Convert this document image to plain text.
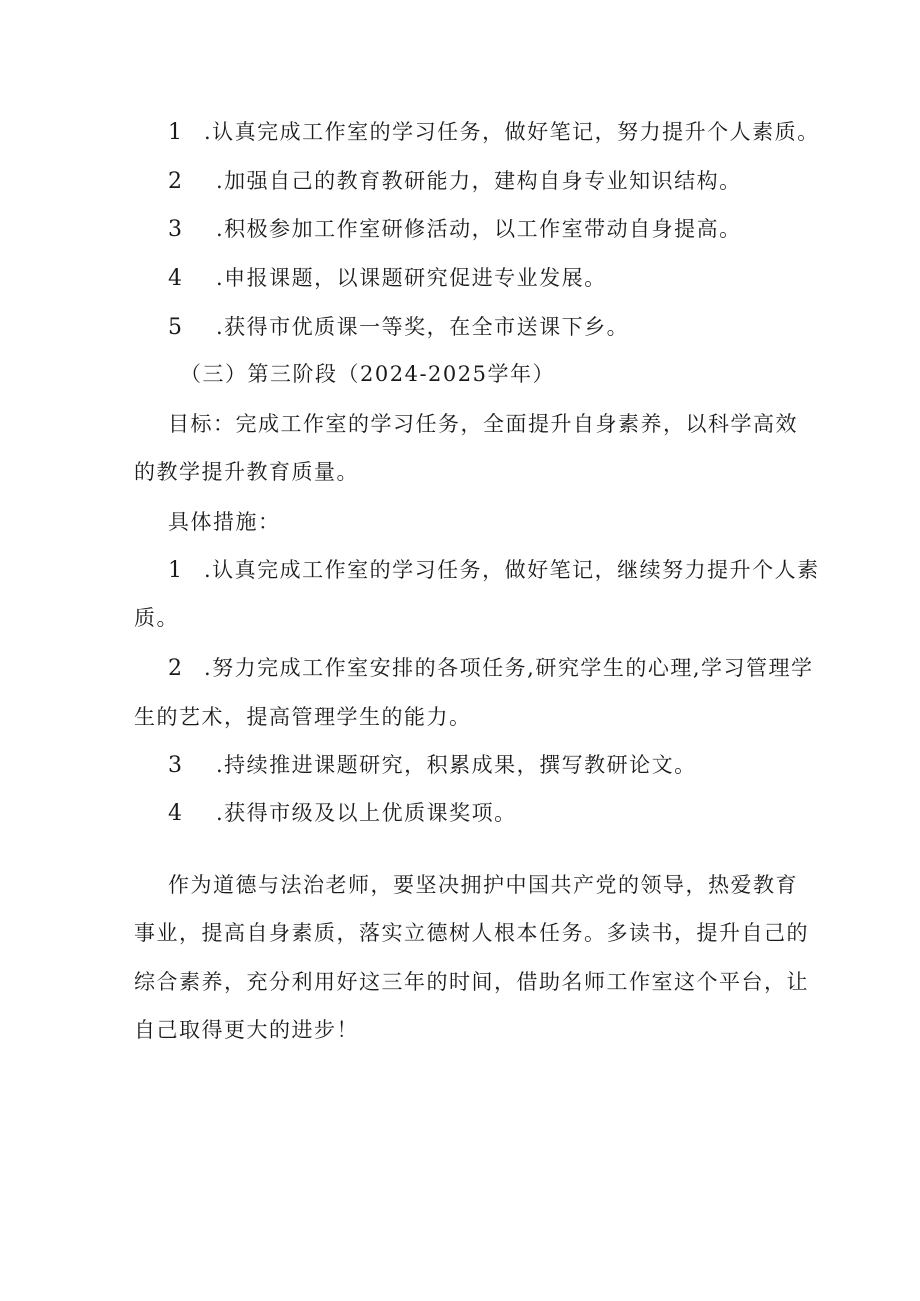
1 .认真完成工作室的学习任务，做好笔记，努力提升个人素质。
2 .加强自己的教育教研能力，建构自身专业知识结构。
3 .积极参加工作室研修活动，以工作室带动自身提高。
4 .申报课题，以课题研究促进专业发展。
5 .获得市优质课一等奖，在全市送课下乡。
（三）第三阶段（2024-2025学年）
目标：完成工作室的学习任务，全面提升自身素养，以科学高效
的教学提升教育质量。
具体措施：
1 .认真完成工作室的学习任务，做好笔记，继续努力提升个人素
质。
2 .努力完成工作室安排的各项任务,研究学生的心理,学习管理学
生的艺术，提高管理学生的能力。
3 .持续推进课题研究，积累成果，撰写教研论文。
4 .获得市级及以上优质课奖项。
作为道德与法治老师，要坚决拥护中国共产党的领导，热爱教育
事业，提高自身素质，落实立德树人根本任务。多读书，提升自己的
综合素养，充分利用好这三年的时间，借助名师工作室这个平台，让
自己取得更大的进步！
